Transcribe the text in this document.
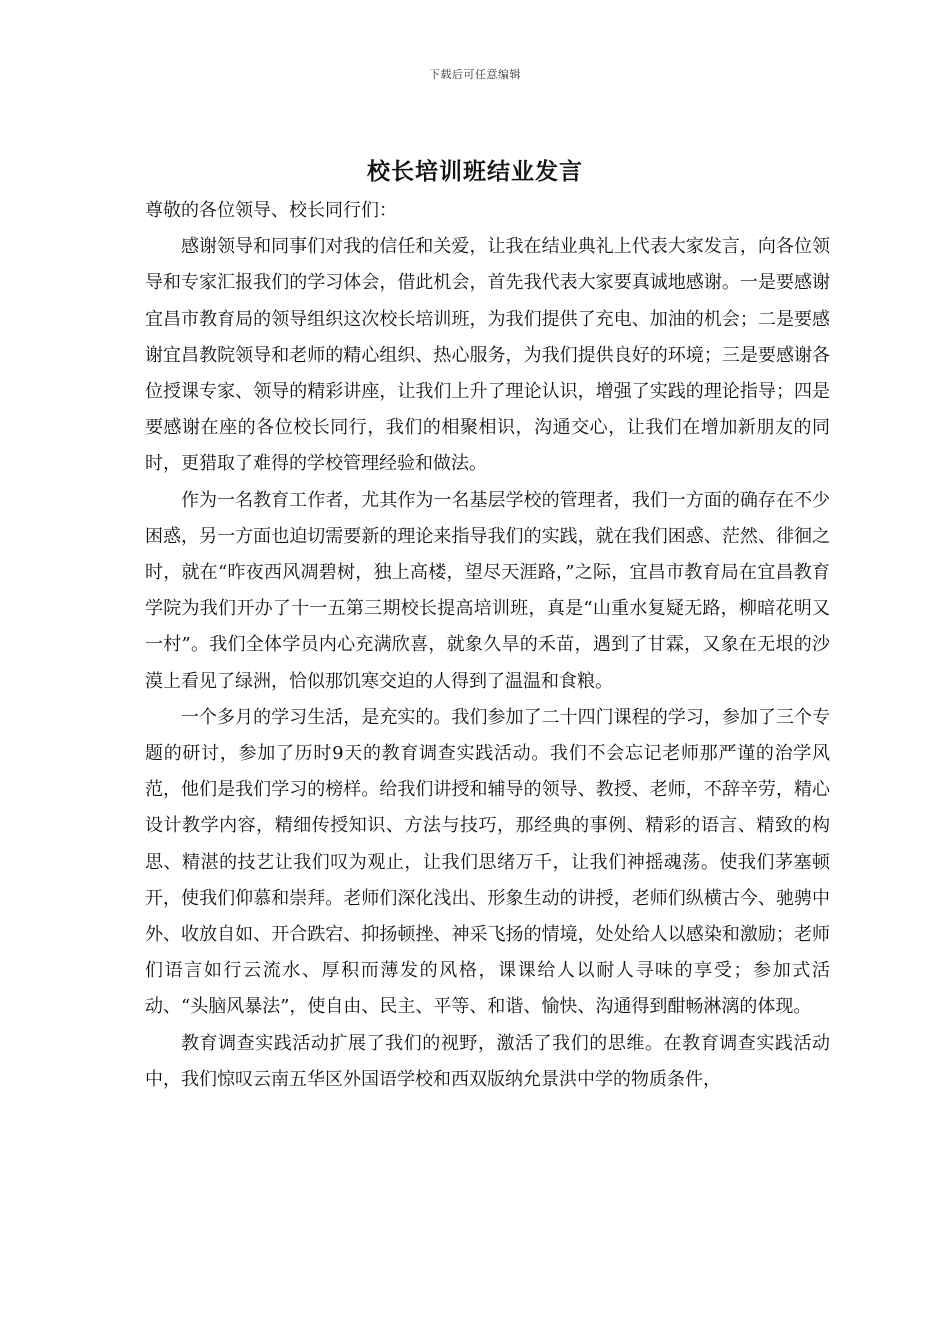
下载后可任意编辑
校长培训班结业发言

尊敬的各位领导、校长同行们：

感谢领导和同事们对我的信任和关爱，让我在结业典礼上代表大家发言，向各位领导和专家汇报我们的学习体会，借此机会，首先我代表大家要真诚地感谢。一是要感谢宜昌市教育局的领导组织这次校长培训班，为我们提供了充电、加油的机会；二是要感谢宜昌教院领导和老师的精心组织、热心服务，为我们提供良好的环境；三是要感谢各位授课专家、领导的精彩讲座，让我们上升了理论认识，增强了实践的理论指导；四是要感谢在座的各位校长同行，我们的相聚相识，沟通交心，让我们在增加新朋友的同时，更猎取了难得的学校管理经验和做法。

作为一名教育工作者，尤其作为一名基层学校的管理者，我们一方面的确存在不少困惑，另一方面也迫切需要新的理论来指导我们的实践，就在我们困惑、茫然、徘徊之时，就在“昨夜西风凋碧树，独上高楼，望尽天涯路，”之际，宜昌市教育局在宜昌教育学院为我们开办了十一五第三期校长提高培训班，真是“山重水复疑无路，柳暗花明又一村”。我们全体学员内心充满欣喜，就象久旱的禾苗，遇到了甘霖，又象在无垠的沙漠上看见了绿洲，恰似那饥寒交迫的人得到了温温和食粮。

一个多月的学习生活，是充实的。我们参加了二十四门课程的学习，参加了三个专题的研讨，参加了历时9天的教育调查实践活动。我们不会忘记老师那严谨的治学风范，他们是我们学习的榜样。给我们讲授和辅导的领导、教授、老师，不辞辛劳，精心设计教学内容，精细传授知识、方法与技巧，那经典的事例、精彩的语言、精致的构思、精湛的技艺让我们叹为观止，让我们思绪万千，让我们神摇魂荡。使我们茅塞顿开，使我们仰慕和崇拜。老师们深化浅出、形象生动的讲授，老师们纵横古今、驰骋中外、收放自如、开合跌宕、抑扬顿挫、神采飞扬的情境，处处给人以感染和激励；老师们语言如行云流水、厚积而薄发的风格，课课给人以耐人寻味的享受；参加式活动、“头脑风暴法”，使自由、民主、平等、和谐、愉快、沟通得到酣畅淋漓的体现。

教育调查实践活动扩展了我们的视野，激活了我们的思维。在教育调查实践活动中，我们惊叹云南五华区外国语学校和西双版纳允景洪中学的物质条件，
